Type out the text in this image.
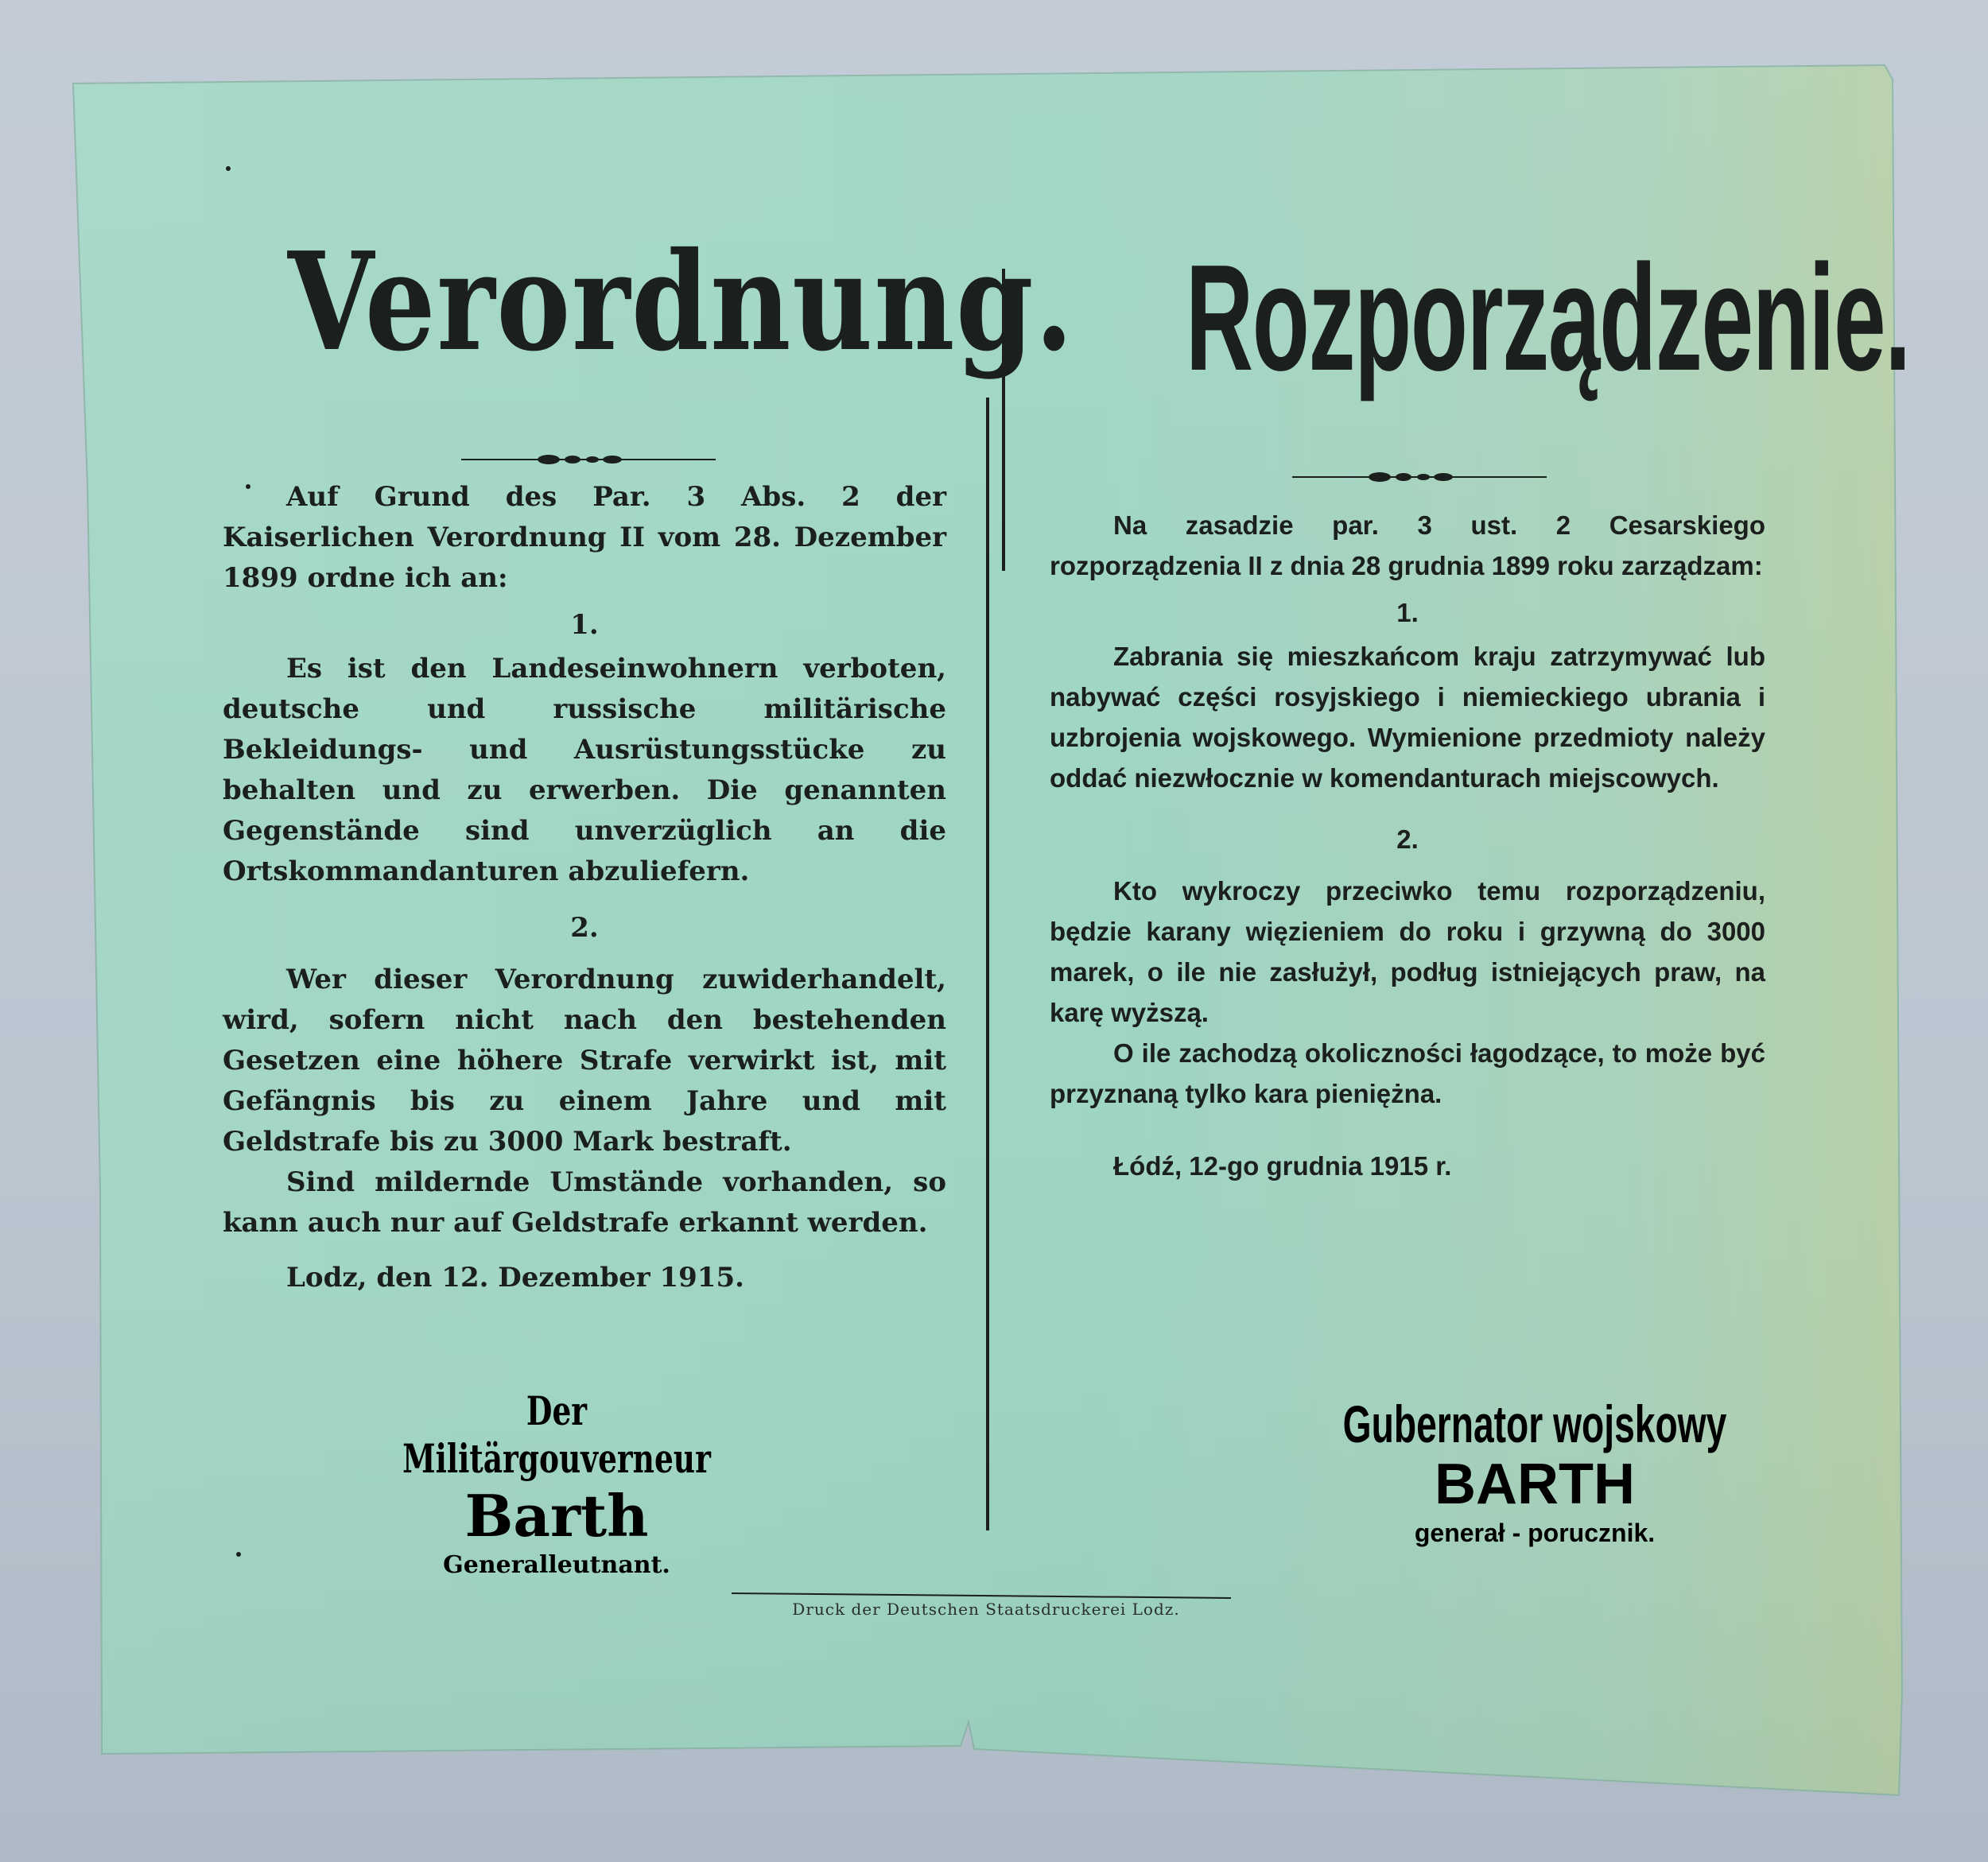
Verordnung.

Auf Grund des Par. 3 Abs. 2 der Kaiserlichen Verordnung II vom 28. Dezember 1899 ordne ich an:

1.

Es ist den Landeseinwohnern verboten, deutsche und russische militärische Bekleidungs- und Ausrüstungsstücke zu behalten und zu erwerben. Die genannten Gegenstände sind unverzüglich an die Ortskommandanturen abzuliefern.

2.

Wer dieser Verordnung zuwiderhandelt, wird, sofern nicht nach den bestehenden Gesetzen eine höhere Strafe verwirkt ist, mit Gefängnis bis zu einem Jahre und mit Geldstrafe bis zu 3000 Mark bestraft.

Sind mildernde Umstände vorhanden, so kann auch nur auf Geldstrafe erkannt werden.

Lodz, den 12. Dezember 1915.

Der Militärgouverneur
Barth
Generalleutnant.
Rozporządzenie.

Na zasadzie par. 3 ust. 2 Cesarskiego rozporządzenia II z dnia 28 grudnia 1899 roku zarządzam:

1.

Zabrania się mieszkańcom kraju zatrzymywać lub nabywać części rosyjskiego i niemieckiego ubrania i uzbrojenia wojskowego. Wymienione przedmioty należy oddać niezwłocznie w komendanturach miejscowych.

2.

Kto wykroczy przeciwko temu rozporządzeniu, będzie karany więzieniem do roku i grzywną do 3000 marek, o ile nie zasłużył, podług istniejących praw, na karę wyższą.

O ile zachodzą okoliczności łagodzące, to może być przyznaną tylko kara pieniężna.

Łódź, 12-go grudnia 1915 r.

Gubernator wojskowy
BARTH
generał - porucznik.
Druck der Deutschen Staatsdruckerei Lodz.
